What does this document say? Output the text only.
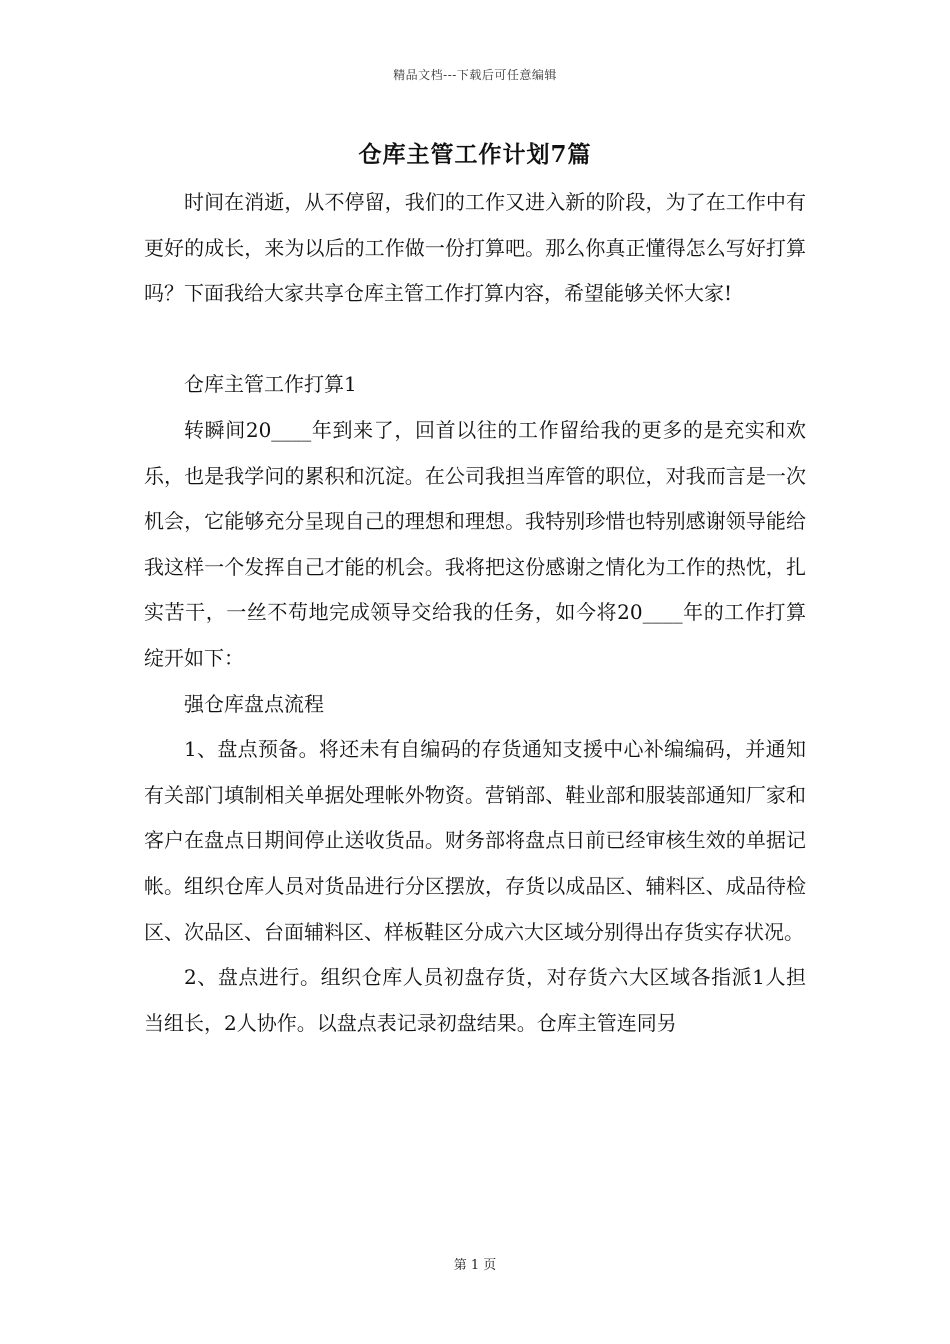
精品文档---下载后可任意编辑
仓库主管工作计划7篇

时间在消逝，从不停留，我们的工作又进入新的阶段，为了在工作中有更好的成长，来为以后的工作做一份打算吧。那么你真正懂得怎么写好打算吗？下面我给大家共享仓库主管工作打算内容，希望能够关怀大家!

仓库主管工作打算1

转瞬间20____年到来了，回首以往的工作留给我的更多的是充实和欢乐，也是我学问的累积和沉淀。在公司我担当库管的职位，对我而言是一次机会，它能够充分呈现自己的理想和理想。我特别珍惜也特别感谢领导能给我这样一个发挥自己才能的机会。我将把这份感谢之情化为工作的热忱，扎实苦干，一丝不苟地完成领导交给我的任务，如今将20____年的工作打算绽开如下：

强仓库盘点流程

1、盘点预备。将还未有自编码的存货通知支援中心补编编码，并通知有关部门填制相关单据处理帐外物资。营销部、鞋业部和服装部通知厂家和客户在盘点日期间停止送收货品。财务部将盘点日前已经审核生效的单据记帐。组织仓库人员对货品进行分区摆放，存货以成品区、辅料区、成品待检区、次品区、台面辅料区、样板鞋区分成六大区域分别得出存货实存状况。

2、盘点进行。组织仓库人员初盘存货，对存货六大区域各指派1人担当组长，2人协作。以盘点表记录初盘结果。仓库主管连同另

第 1 页
